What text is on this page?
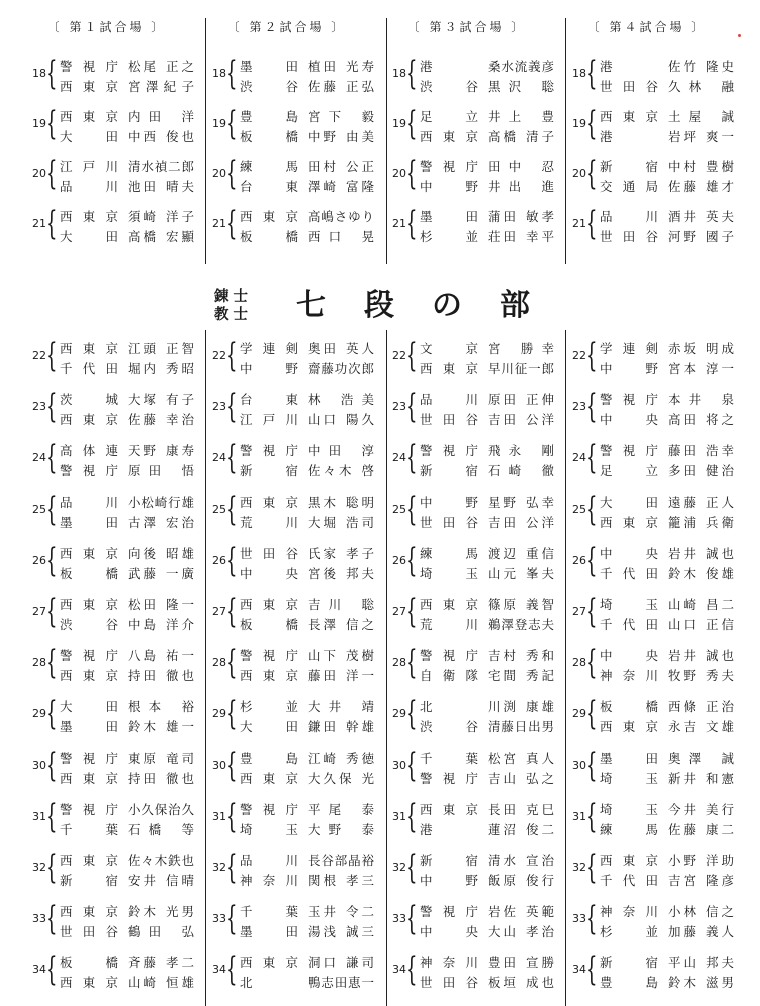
〔 第１試合場 〕
18 { 警視庁 松尾 正之
西東京 宮澤紀子
19 { 西東京 内田 洋
大 田 中西 俊也
20 { 江戸川 清水禎二郎
品 川 池田 晴夫
21 { 西東京 須崎 洋子
大 田 高橋 宏顯
〔 第２試合場 〕
18 { 墨 田 植田 光寿
渋 谷 佐藤 正弘
19 { 豊 島 宮下 毅
板 橋 中野 由美
20 { 練 馬 田村 公正
台 東 澤崎 富隆
21 { 西東京 高嶋さゆり
板 橋 西口 晃
〔 第３試合場 〕
18 { 港	桑水流義彦
渋 谷 黒沢 聡
19 { 足 立 井上 豊
西東京 高橋 清子
20 { 警視庁 田中 忍
中 野 井出 進
21 { 墨 田 蒲田 敏孝
杉 並 荘田 幸平
〔 第４試合場 〕
18 { 港	佐竹 隆史
世田谷 久林 融
19 { 西東京 土屋 誠
港	岩坪 爽一
20 { 新 宿 中村 豊樹
交通局 佐藤 雄才
21 { 品 川 酒井 英夫
世田谷 河野 國子
錬 士
教 士 七段の部
22 { 西東京 江頭 正智
千代田 堀内 秀昭
23 { 茨 城 大塚 有子
西東京 佐藤 幸治
24 { 高体連 天野 康寿
警視庁 原田 悟
25 { 品 川 小松崎行雄
墨 田 古澤 宏治
26 { 西東京 向後 昭雄
板 橋 武藤 一廣
27 { 西東京 松田 隆一
渋 谷 中島 洋介
28 { 警視庁 八島 祐一
西東京 持田 徹也
29 { 大 田 根本 裕
墨 田 鈴木 雄一
30 { 警視庁 東原 竜司
西東京 持田 徹也
31 { 警視庁 小久保治久
千 葉 石橋 等
32 { 西東京 佐々木鉄也
新 宿 安井 信晴
33 { 西東京 鈴木 光男
世田谷 鶴田 弘
34 { 板 橋 斉藤 孝二
西東京 山崎 恒雄
22 { 学連剣 奥田 英人
中 野 齋藤功次郎
23 { 台 東 林 浩美
江戸川 山口 陽久
24 { 警視庁 中田 淳
新 宿 佐々木 啓
25 { 西東京 黒木 聡明
荒 川 大堀 浩司
26 { 世田谷 氏家 孝子
中 央 宮後 邦夫
27 { 西東京 吉川 聡
板 橋 長澤 信之
28 { 警視庁 山下 茂樹
西東京 藤田 洋一
29 { 杉 並 大井 靖
大 田 鎌田 幹雄
30 { 豊 島 江崎 秀徳
西東京 大久保 光
31 { 警視庁 平尾 泰
埼 玉 大野 泰
32 { 品 川 長谷部晶裕
神奈川 関根 孝三
33 { 千 葉 玉井 令二
墨 田 湯浅 誠三
34 { 西東京 洞口 謙司
北	鴨志田恵一
22 { 文 京 宮 勝幸
西東京 早川征一郎
23 { 品 川 原田 正伸
世田谷 吉田 公洋
24 { 警視庁 飛永 剛
新 宿 石崎 徹
25 { 中 野 星野 弘幸
世田谷 吉田 公洋
26 { 練 馬 渡辺 重信
埼 玉 山元 峯夫
27 { 西東京 篠原 義智
荒 川 鵜澤登志夫
28 { 警視庁 吉村 秀和
自衛隊 宅間 秀記
29 { 北	川渕 康雄
渋 谷 清藤日出男
30 { 千 葉 松宮 真人
警視庁 吉山 弘之
31 { 西東京 長田 克巳
港	蓮沼 俊二
32 { 新 宿 清水 宣治
中 野 飯原 俊行
33 { 警視庁 岩佐 英範
中 央 大山 孝治
34 { 神奈川 豊田 宣勝
世田谷 板垣 成也
22 { 学連剣 赤坂 明成
中 野 宮本 淳一
23 { 警視庁 本井 泉
中 央 高田 将之
24 { 警視庁 藤田 浩幸
足 立 多田 健治
25 { 大 田 遠藤 正人
西東京 籠浦 兵衛
26 { 中 央 岩井 誠也
千代田 鈴木 俊雄
27 { 埼 玉 山崎 昌二
千代田 山口 正信
28 { 中 央 岩井 誠也
神奈川 牧野 秀夫
29 { 板 橋 西條 正治
西東京 永吉 文雄
30 { 墨 田 奥澤 誠
埼 玉 新井 和憲
31 { 埼 玉 今井 美行
練 馬 佐藤 康二
32 { 西東京 小野 洋助
千代田 吉宮 隆彦
33 { 神奈川 小林 信之
杉 並 加藤 義人
34 { 新 宿 平山 邦夫
豊 島 鈴木 滋男
